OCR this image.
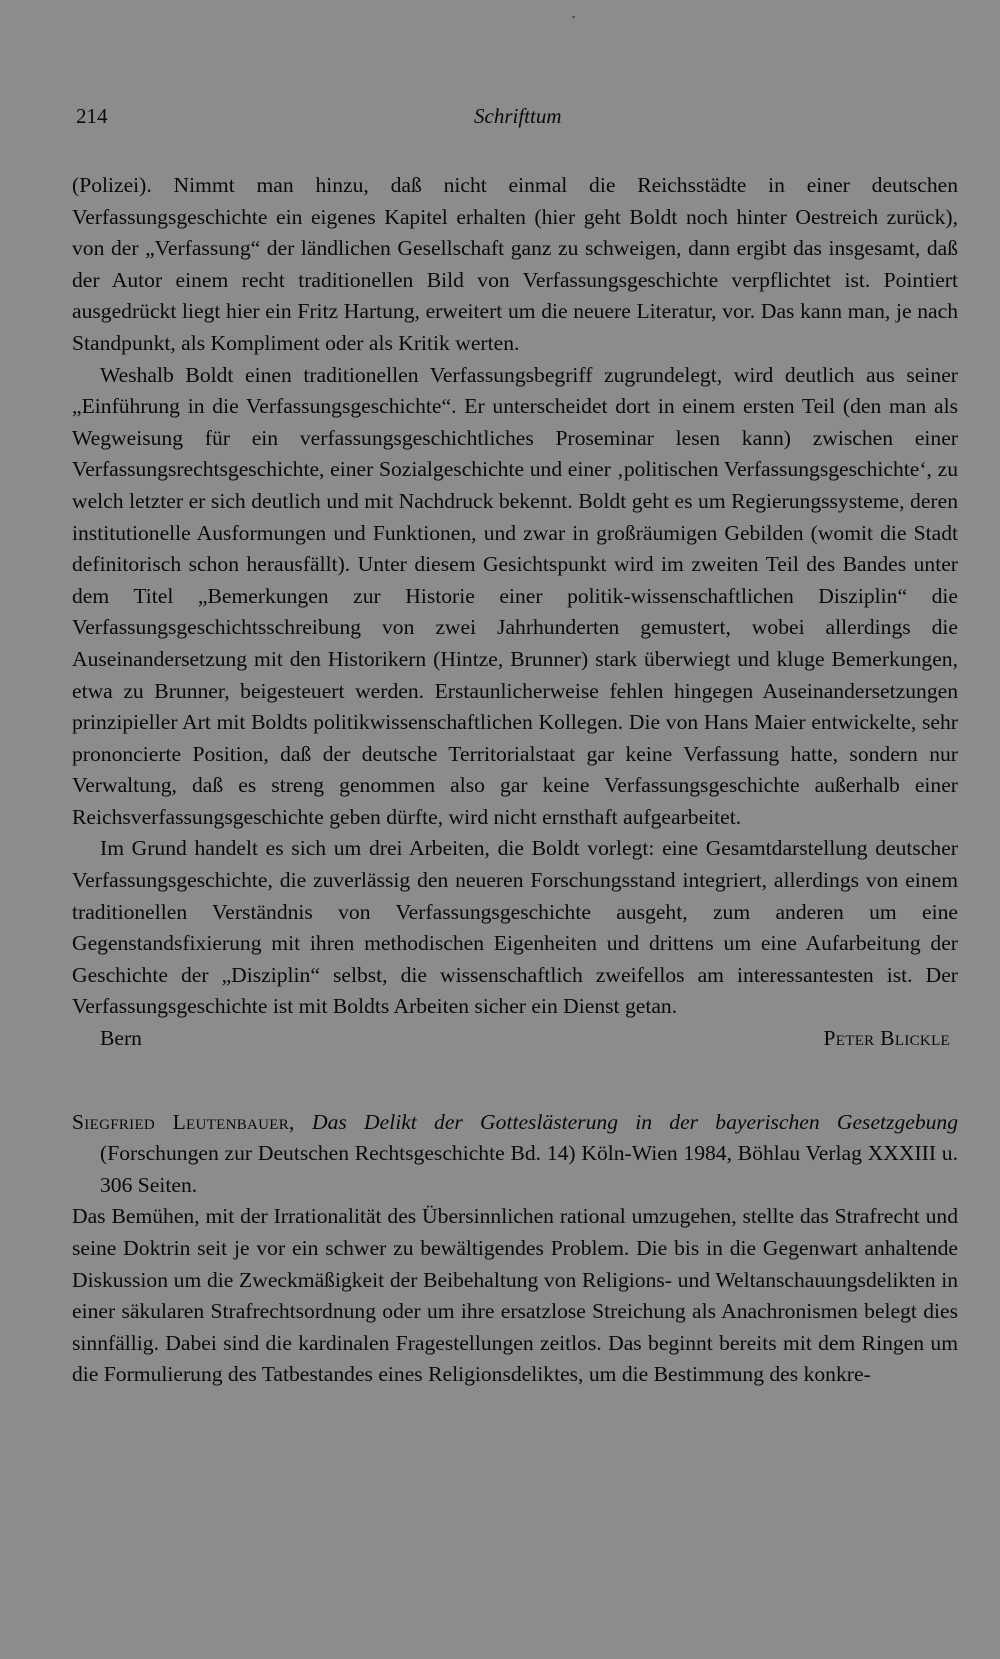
214	Schrifttum

(Polizei). Nimmt man hinzu, daß nicht einmal die Reichsstädte in einer deutschen Verfassungsgeschichte ein eigenes Kapitel erhalten (hier geht Boldt noch hinter Oestreich zurück), von der „Verfassung“ der ländlichen Gesellschaft ganz zu schweigen, dann ergibt das insgesamt, daß der Autor einem recht traditionellen Bild von Verfassungsgeschichte verpflichtet ist. Pointiert ausgedrückt liegt hier ein Fritz Hartung, erweitert um die neuere Literatur, vor. Das kann man, je nach Standpunkt, als Kompliment oder als Kritik werten.

Weshalb Boldt einen traditionellen Verfassungsbegriff zugrundelegt, wird deutlich aus seiner „Einführung in die Verfassungsgeschichte“. Er unterscheidet dort in einem ersten Teil (den man als Wegweisung für ein verfassungsgeschichtliches Proseminar lesen kann) zwischen einer Verfassungsrechtsgeschichte, einer Sozialgeschichte und einer ‚politischen Verfassungsgeschichte‘, zu welch letzter er sich deutlich und mit Nachdruck bekennt. Boldt geht es um Regierungssysteme, deren institutionelle Ausformungen und Funktionen, und zwar in großräumigen Gebilden (womit die Stadt definitorisch schon herausfällt). Unter diesem Gesichtspunkt wird im zweiten Teil des Bandes unter dem Titel „Bemerkungen zur Historie einer politik-wissenschaftlichen Disziplin“ die Verfassungsgeschichtsschreibung von zwei Jahrhunderten gemustert, wobei allerdings die Auseinandersetzung mit den Historikern (Hintze, Brunner) stark überwiegt und kluge Bemerkungen, etwa zu Brunner, beigesteuert werden. Erstaunlicherweise fehlen hingegen Auseinandersetzungen prinzipieller Art mit Boldts politikwissenschaftlichen Kollegen. Die von Hans Maier entwickelte, sehr prononcierte Position, daß der deutsche Territorialstaat gar keine Verfassung hatte, sondern nur Verwaltung, daß es streng genommen also gar keine Verfassungsgeschichte außerhalb einer Reichsverfassungsgeschichte geben dürfte, wird nicht ernsthaft aufgearbeitet.

Im Grund handelt es sich um drei Arbeiten, die Boldt vorlegt: eine Gesamtdarstellung deutscher Verfassungsgeschichte, die zuverlässig den neueren Forschungsstand integriert, allerdings von einem traditionellen Verständnis von Verfassungsgeschichte ausgeht, zum anderen um eine Gegenstandsfixierung mit ihren methodischen Eigenheiten und drittens um eine Aufarbeitung der Geschichte der „Disziplin“ selbst, die wissenschaftlich zweifellos am interessantesten ist. Der Verfassungsgeschichte ist mit Boldts Arbeiten sicher ein Dienst getan.

Bern	Peter Blickle

Siegfried Leutenbauer, Das Delikt der Gotteslästerung in der bayerischen Gesetzgebung (Forschungen zur Deutschen Rechtsgeschichte Bd. 14) Köln-Wien 1984, Böhlau Verlag XXXIII u. 306 Seiten.

Das Bemühen, mit der Irrationalität des Übersinnlichen rational umzugehen, stellte das Strafrecht und seine Doktrin seit je vor ein schwer zu bewältigendes Problem. Die bis in die Gegenwart anhaltende Diskussion um die Zweckmäßigkeit der Beibehaltung von Religions- und Weltanschauungsdelikten in einer säkularen Strafrechtsordnung oder um ihre ersatzlose Streichung als Anachronismen belegt dies sinnfällig. Dabei sind die kardinalen Fragestellungen zeitlos. Das beginnt bereits mit dem Ringen um die Formulierung des Tatbestandes eines Religionsdeliktes, um die Bestimmung des konkre-
